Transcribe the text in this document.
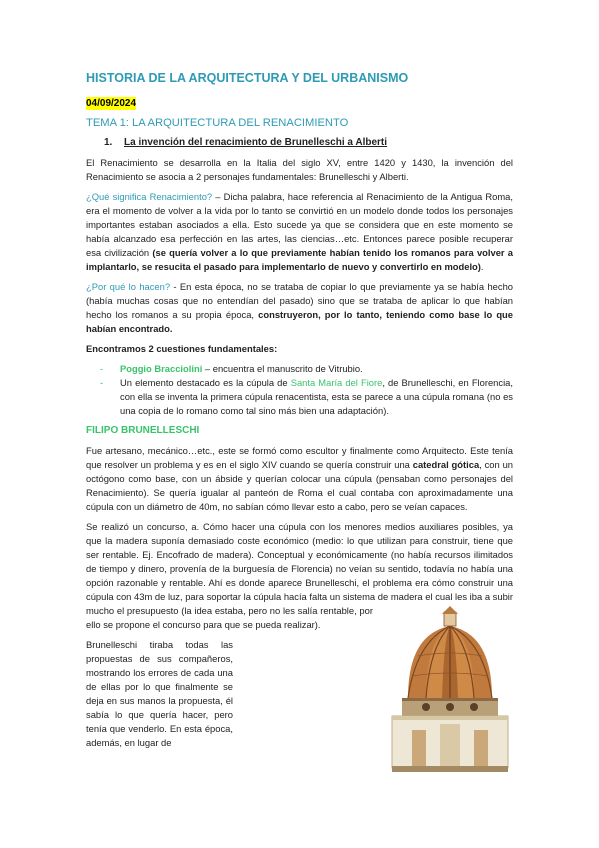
HISTORIA DE LA ARQUITECTURA Y DEL URBANISMO
04/09/2024
TEMA 1: LA ARQUITECTURA DEL RENACIMIENTO
1.	La invención del renacimiento de Brunelleschi a Alberti

El Renacimiento se desarrolla en la Italia del siglo XV, entre 1420 y 1430, la invención del Renacimiento se asocia a 2 personajes fundamentales: Brunelleschi y Alberti.

¿Qué significa Renacimiento? – Dicha palabra, hace referencia al Renacimiento de la Antigua Roma, era el momento de volver a la vida por lo tanto se convirtió en un modelo donde todos los personajes importantes estaban asociados a ella. Esto sucede ya que se considera que en este momento se había alcanzado esa perfección en las artes, las ciencias…etc. Entonces parece posible recuperar esa civilización (se quería volver a lo que previamente habían tenido los romanos para volver a implantarlo, se resucita el pasado para implementarlo de nuevo y convertirlo en modelo).

¿Por qué lo hacen? - En esta época, no se trataba de copiar lo que previamente ya se había hecho (había muchas cosas que no entendían del pasado) sino que se trataba de aplicar lo que habían hecho los romanos a su propia época, construyeron, por lo tanto, teniendo como base lo que habían encontrado.

Encontramos 2 cuestiones fundamentales:

- Poggio Bracciolini – encuentra el manuscrito de Vitrubio.
- Un elemento destacado es la cúpula de Santa María del Fiore, de Brunelleschi, en Florencia, con ella se inventa la primera cúpula renacentista, esta se parece a una cúpula romana (no es una copia de lo romano como tal sino más bien una adaptación).
FILIPO BRUNELLESCHI

Fue artesano, mecánico…etc., este se formó como escultor y finalmente como Arquitecto. Este tenía que resolver un problema y es en el siglo XIV cuando se quería construir una catedral gótica, con un octógono como base, con un ábside y querían colocar una cúpula (pensaban como personajes del Renacimiento). Se quería igualar al panteón de Roma el cual contaba con aproximadamente una cúpula con un diámetro de 40m, no sabían cómo llevar esto a cabo, pero se veían capaces.

Se realizó un concurso, a. Cómo hacer una cúpula con los menores medios auxiliares posibles, ya que la madera suponía demasiado coste económico (medio: lo que utilizan para construir, tiene que ser rentable. Ej. Encofrado de madera). Conceptual y económicamente (no había recursos ilimitados de tiempo y dinero, provenía de la burguesía de Florencia) no veían su sentido, todavía no había una opción razonable y rentable. Ahí es donde aparece Brunelleschi, el problema era cómo construir una cúpula con 43m de luz, para soportar la cúpula hacía falta un sistema de madera el cual les iba a subir mucho el presupuesto (la idea estaba, pero no les salía rentable, por ello se propone el concurso para que se pueda realizar).

Brunelleschi tiraba todas las propuestas de sus compañeros, mostrando los errores de cada una de ellas por lo que finalmente se deja en sus manos la propuesta, él sabía lo que quería hacer, pero tenía que venderlo. En esta época, además, en lugar de
